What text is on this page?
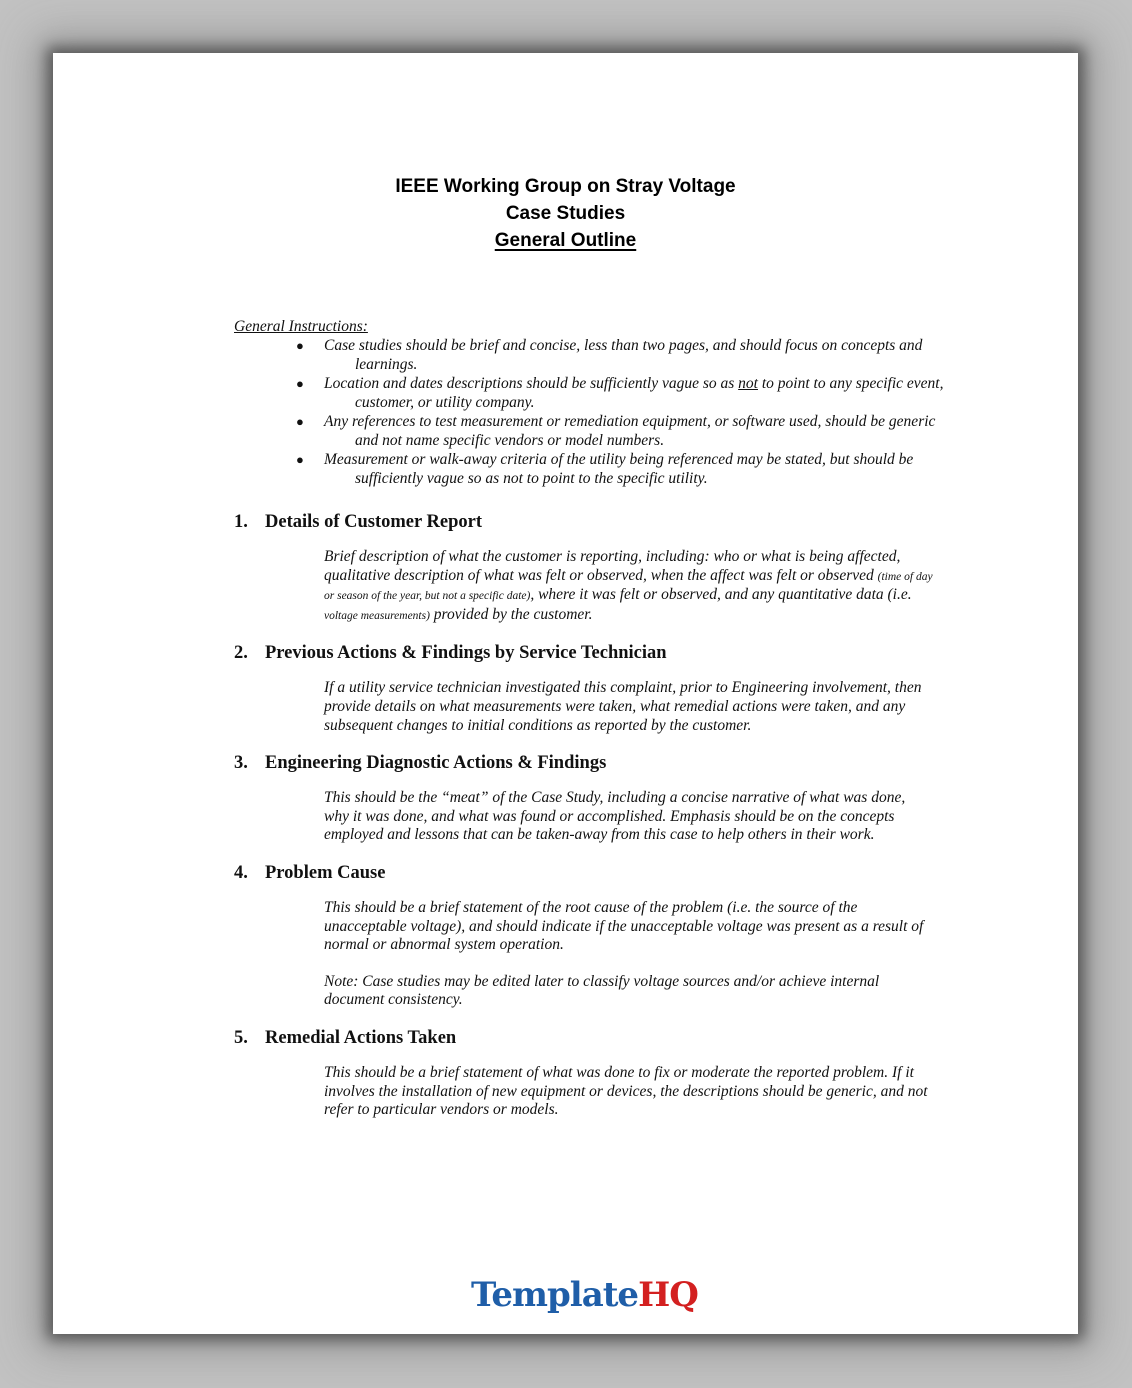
IEEE Working Group on Stray Voltage
Case Studies
General Outline
General Instructions:
● Case studies should be brief and concise, less than two pages, and should focus on concepts and learnings.
● Location and dates descriptions should be sufficiently vague so as not to point to any specific event, customer, or utility company.
● Any references to test measurement or remediation equipment, or software used, should be generic and not name specific vendors or model numbers.
● Measurement or walk-away criteria of the utility being referenced may be stated, but should be sufficiently vague so as not to point to the specific utility.
1. Details of Customer Report
Brief description of what the customer is reporting, including: who or what is being affected, qualitative description of what was felt or observed, when the affect was felt or observed (time of day or season of the year, but not a specific date), where it was felt or observed, and any quantitative data (i.e. voltage measurements) provided by the customer.
2. Previous Actions & Findings by Service Technician
If a utility service technician investigated this complaint, prior to Engineering involvement, then provide details on what measurements were taken, what remedial actions were taken, and any subsequent changes to initial conditions as reported by the customer.
3. Engineering Diagnostic Actions & Findings
This should be the “meat” of the Case Study, including a concise narrative of what was done, why it was done, and what was found or accomplished. Emphasis should be on the concepts employed and lessons that can be taken-away from this case to help others in their work.
4. Problem Cause
This should be a brief statement of the root cause of the problem (i.e. the source of the unacceptable voltage), and should indicate if the unacceptable voltage was present as a result of normal or abnormal system operation.
Note: Case studies may be edited later to classify voltage sources and/or achieve internal document consistency.
5. Remedial Actions Taken
This should be a brief statement of what was done to fix or moderate the reported problem. If it involves the installation of new equipment or devices, the descriptions should be generic, and not refer to particular vendors or models.
TemplateHQ
